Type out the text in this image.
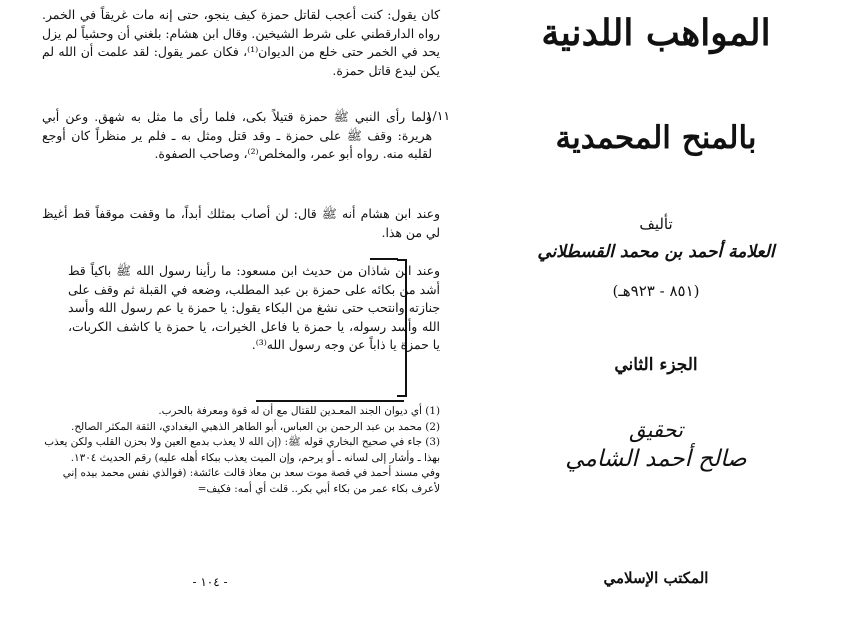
كان يقول: كنت أعجب لقاتل حمزة كيف ينجو، حتى إنه مات غريقاً في الخمر. رواه الدارقطني على شرط الشيخين. وقال ابن هشام: بلغني أن وحشياً لم يزل يحد في الخمر حتى خلع من الديوان⁽¹⁾، فكان عمر يقول: لقد علمت أن الله لم يكن ليدع قاتل حمزة.
١/١١
ولما رأى النبي ﷺ حمزة قتيلاً بكى، فلما رأى ما مثل به شهق. وعن أبي هريرة: وقف ﷺ على حمزة ـ وقد قتل ومثل به ـ فلم ير منظراً كان أوجع لقلبه منه. رواه أبو عمر، والمخلص⁽²⁾، وصاحب الصفوة.
وعند ابن هشام أنه ﷺ قال: لن أصاب بمثلك أبداً، ما وقفت موقفاً قط أغيظ لي من هذا.
وعند ابن شاذان من حديث ابن مسعود: ما رأينا رسول الله ﷺ باكياً قط أشد من بكائه على حمزة بن عبد المطلب، وضعه في القبلة ثم وقف على جنازته وانتحب حتى نشغ من البكاء يقول: يا حمزة يا عم رسول الله وأسد الله وأسد رسوله، يا حمزة يا فاعل الخيرات، يا حمزة يا كاشف الكربات، يا حمزة يا ذاباً عن وجه رسول الله⁽³⁾.

(1) أي ديوان الجند المعـدين للقتال مع أن له قوة ومعرفة بالحرب.

(2) محمد بن عبد الرحمن بن العباس، أبو الطاهر الذهبي البغدادي، الثقة المكثر الصالح.

(3) جاء في صحيح البخاري قوله ﷺ: (إن الله لا يعذب بدمع العين ولا بحزن القلب ولكن يعذب بهذا ـ وأشار إلى لسانه ـ أو يرحم، وإن الميت يعذب ببكاء أهله عليه) رقم الحديث ١٣٠٤.

وفي مسند أحمد في قصة موت سعد بن معاذ قالت عائشة: (فوالذي نفس محمد بيده إني لأعرف بكاء عمر من بكاء أبي بكر.. قلت أي أمه: فكيف=

- ١٠٤ -
المواهب اللدنية
بالمنح المحمدية
تأليف
العلامة أحمد بن محمد القسطلاني
(٨٥١ - ٩٢٣هـ)
الجزء الثاني
تحقيق
صالح أحمد الشامي
المكتب الإسلامي
